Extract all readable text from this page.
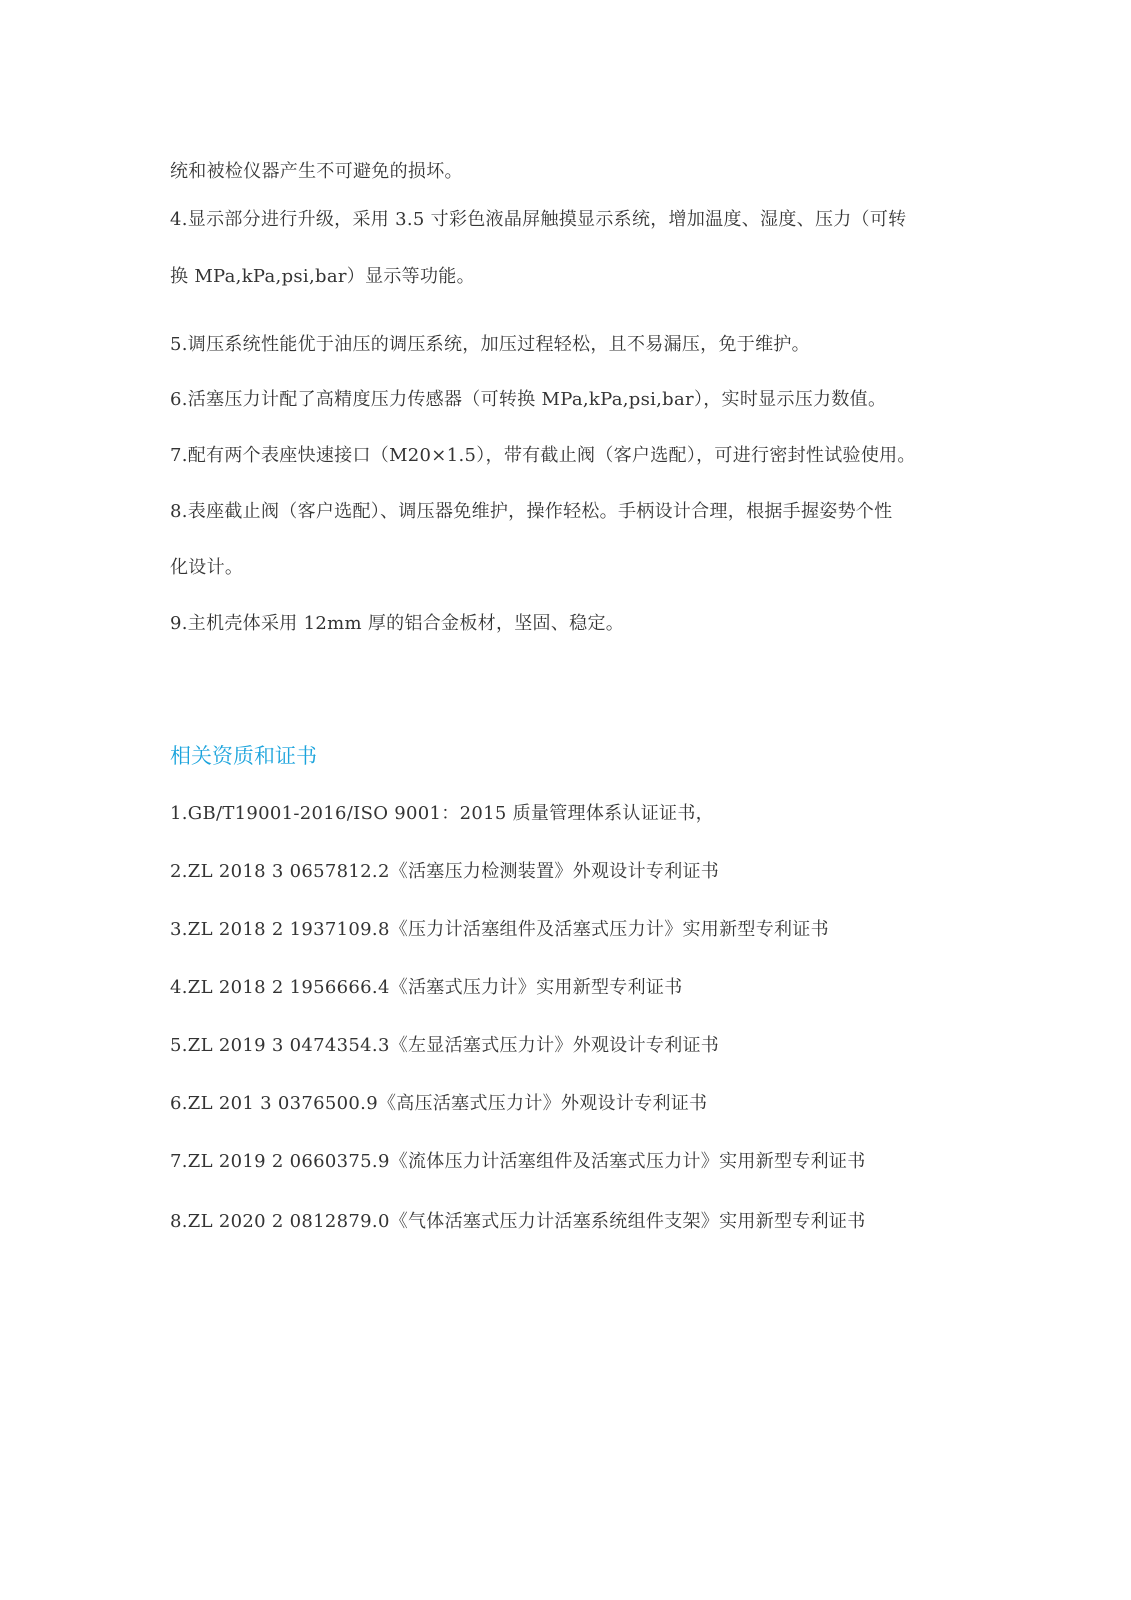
统和被检仪器产生不可避免的损坏。
4.显示部分进行升级，采用 3.5 寸彩色液晶屏触摸显示系统，增加温度、湿度、压力（可转
换 MPa,kPa,psi,bar）显示等功能。
5.调压系统性能优于油压的调压系统，加压过程轻松，且不易漏压，免于维护。
6.活塞压力计配了高精度压力传感器（可转换 MPa,kPa,psi,bar），实时显示压力数值。
7.配有两个表座快速接口（M20×1.5），带有截止阀（客户选配），可进行密封性试验使用。
8.表座截止阀（客户选配）、调压器免维护，操作轻松。手柄设计合理，根据手握姿势个性
化设计。
9.主机壳体采用 12mm 厚的铝合金板材，坚固、稳定。
相关资质和证书
1.GB/T19001-2016/ISO 9001：2015 质量管理体系认证证书，
2.ZL 2018 3 0657812.2《活塞压力检测装置》外观设计专利证书
3.ZL 2018 2 1937109.8《压力计活塞组件及活塞式压力计》实用新型专利证书
4.ZL 2018 2 1956666.4《活塞式压力计》实用新型专利证书
5.ZL 2019 3 0474354.3《左显活塞式压力计》外观设计专利证书
6.ZL 201 3 0376500.9《高压活塞式压力计》外观设计专利证书
7.ZL 2019 2 0660375.9《流体压力计活塞组件及活塞式压力计》实用新型专利证书
8.ZL 2020 2 0812879.0《气体活塞式压力计活塞系统组件支架》实用新型专利证书
